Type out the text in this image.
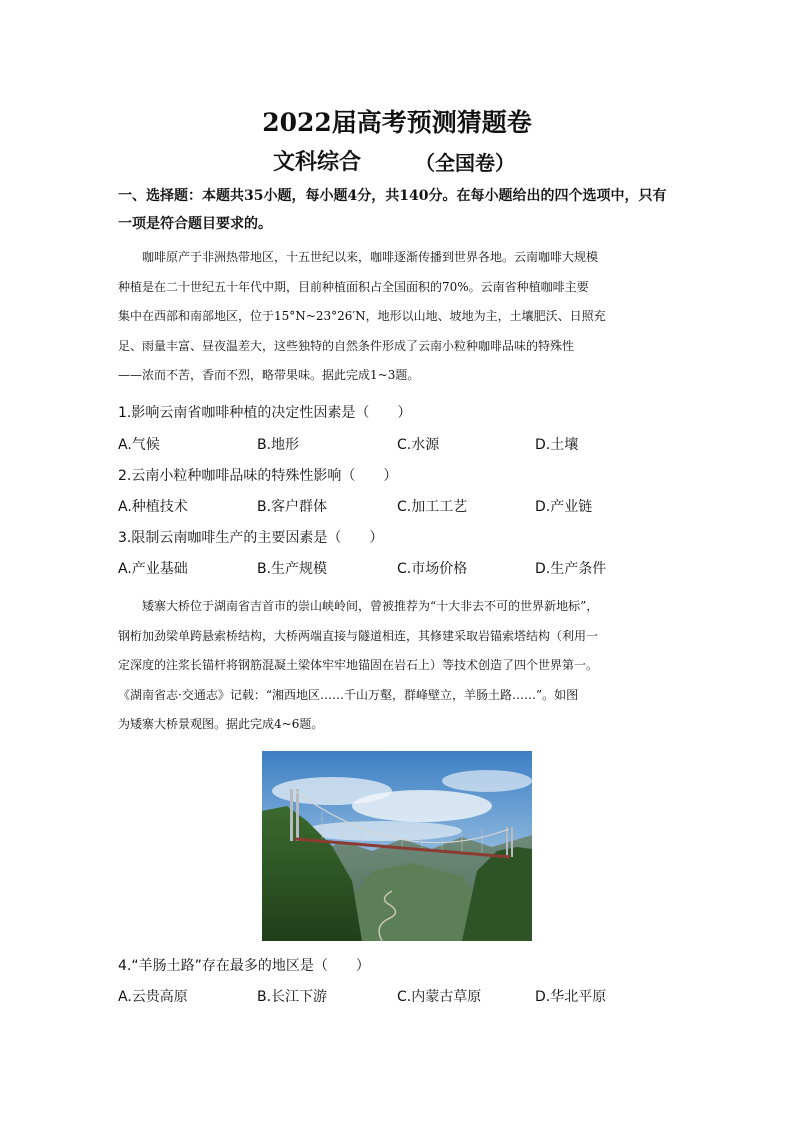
2022届高考预测猜题卷
文科综合	（全国卷）
一、选择题：本题共35小题，每小题4分，共140分。在每小题给出的四个选项中，只有
一项是符合题目要求的。
咖啡原产于非洲热带地区，十五世纪以来，咖啡逐渐传播到世界各地。云南咖啡大规模
种植是在二十世纪五十年代中期，目前种植面积占全国面积的70%。云南省种植咖啡主要
集中在西部和南部地区，位于15°N~23°26′N，地形以山地、坡地为主，土壤肥沃、日照充
足、雨量丰富、昼夜温差大，这些独特的自然条件形成了云南小粒种咖啡品味的特殊性
——浓而不苦，香而不烈，略带果味。据此完成1~3题。
1.影响云南省咖啡种植的决定性因素是（　　）
A.气候	B.地形	C.水源	D.土壤
2.云南小粒种咖啡品味的特殊性影响（　　）
A.种植技术	B.客户群体	C.加工工艺	D.产业链
3.限制云南咖啡生产的主要因素是（　　）
A.产业基础	B.生产规模	C.市场价格	D.生产条件
矮寨大桥位于湖南省吉首市的崇山峡岭间，曾被推荐为“十大非去不可的世界新地标”，
钢桁加劲梁单跨悬索桥结构，大桥两端直接与隧道相连，其修建采取岩锚索塔结构（利用一
定深度的注浆长锚杆将钢筋混凝土梁体牢牢地锚固在岩石上）等技术创造了四个世界第一。
《湖南省志·交通志》记载：“湘西地区……千山万壑，群峰壁立，羊肠土路……”。如图
为矮寨大桥景观图。据此完成4~6题。
4.“羊肠土路”存在最多的地区是（　　）
A.云贵高原	B.长江下游	C.内蒙古草原	D.华北平原
